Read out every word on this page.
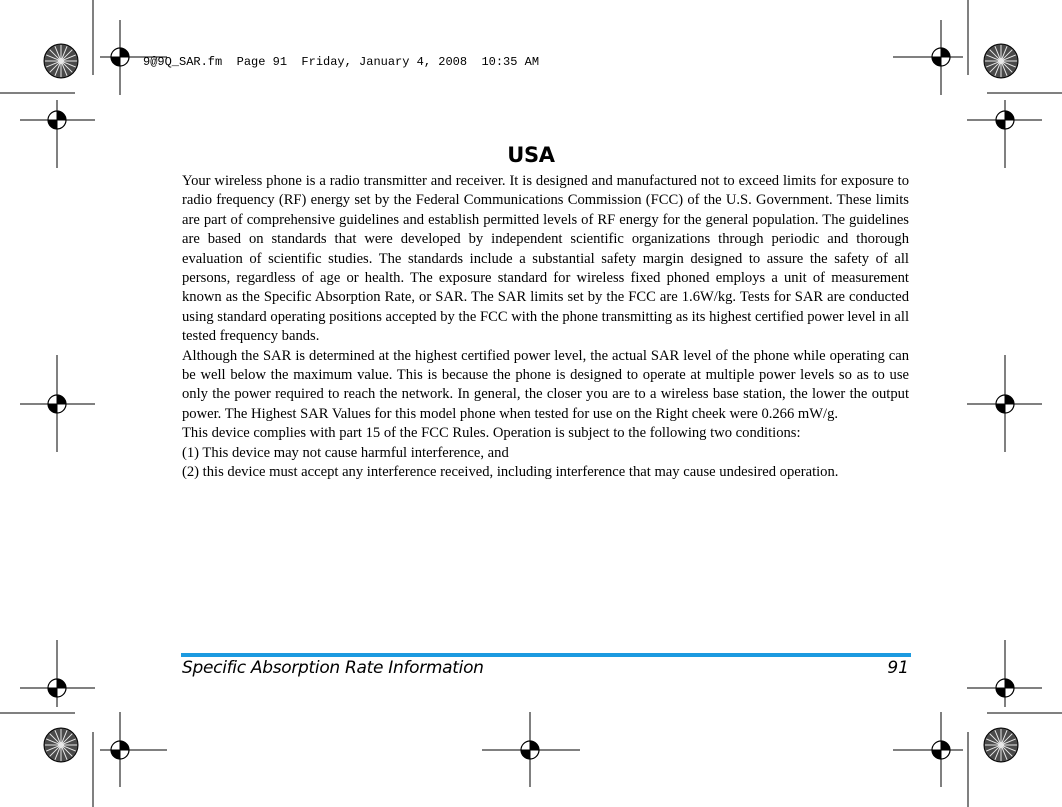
9@9Q_SAR.fm  Page 91  Friday, January 4, 2008  10:35 AM
USA

Your wireless phone is a radio transmitter and receiver. It is designed and manufactured not to exceed limits for exposure to radio frequency (RF) energy set by the Federal Communications Commission (FCC) of the U.S. Government. These limits are part of comprehensive guidelines and establish permitted levels of RF energy for the general population. The guidelines are based on standards that were developed by independent scientific organizations through periodic and thorough evaluation of scientific studies. The standards include a substantial safety margin designed to assure the safety of all persons, regardless of age or health. The exposure standard for wireless fixed phoned employs a unit of measurement known as the Specific Absorption Rate, or SAR. The SAR limits set by the FCC are 1.6W/kg. Tests for SAR are conducted using standard operating positions accepted by the FCC with the phone transmitting as its highest certified power level in all tested frequency bands.

Although the SAR is determined at the highest certified power level, the actual SAR level of the phone while operating can be well below the maximum value. This is because the phone is designed to operate at multiple power levels so as to use only the power required to reach the network. In general, the closer you are to a wireless base station, the lower the output power. The Highest SAR Values for this model phone when tested for use on the Right cheek were 0.266 mW/g.

This device complies with part 15 of the FCC Rules. Operation is subject to the following two conditions:

(1) This device may not cause harmful interference, and

(2) this device must accept any interference received, including interference that may cause undesired operation.

Specific Absorption Rate Information	91
